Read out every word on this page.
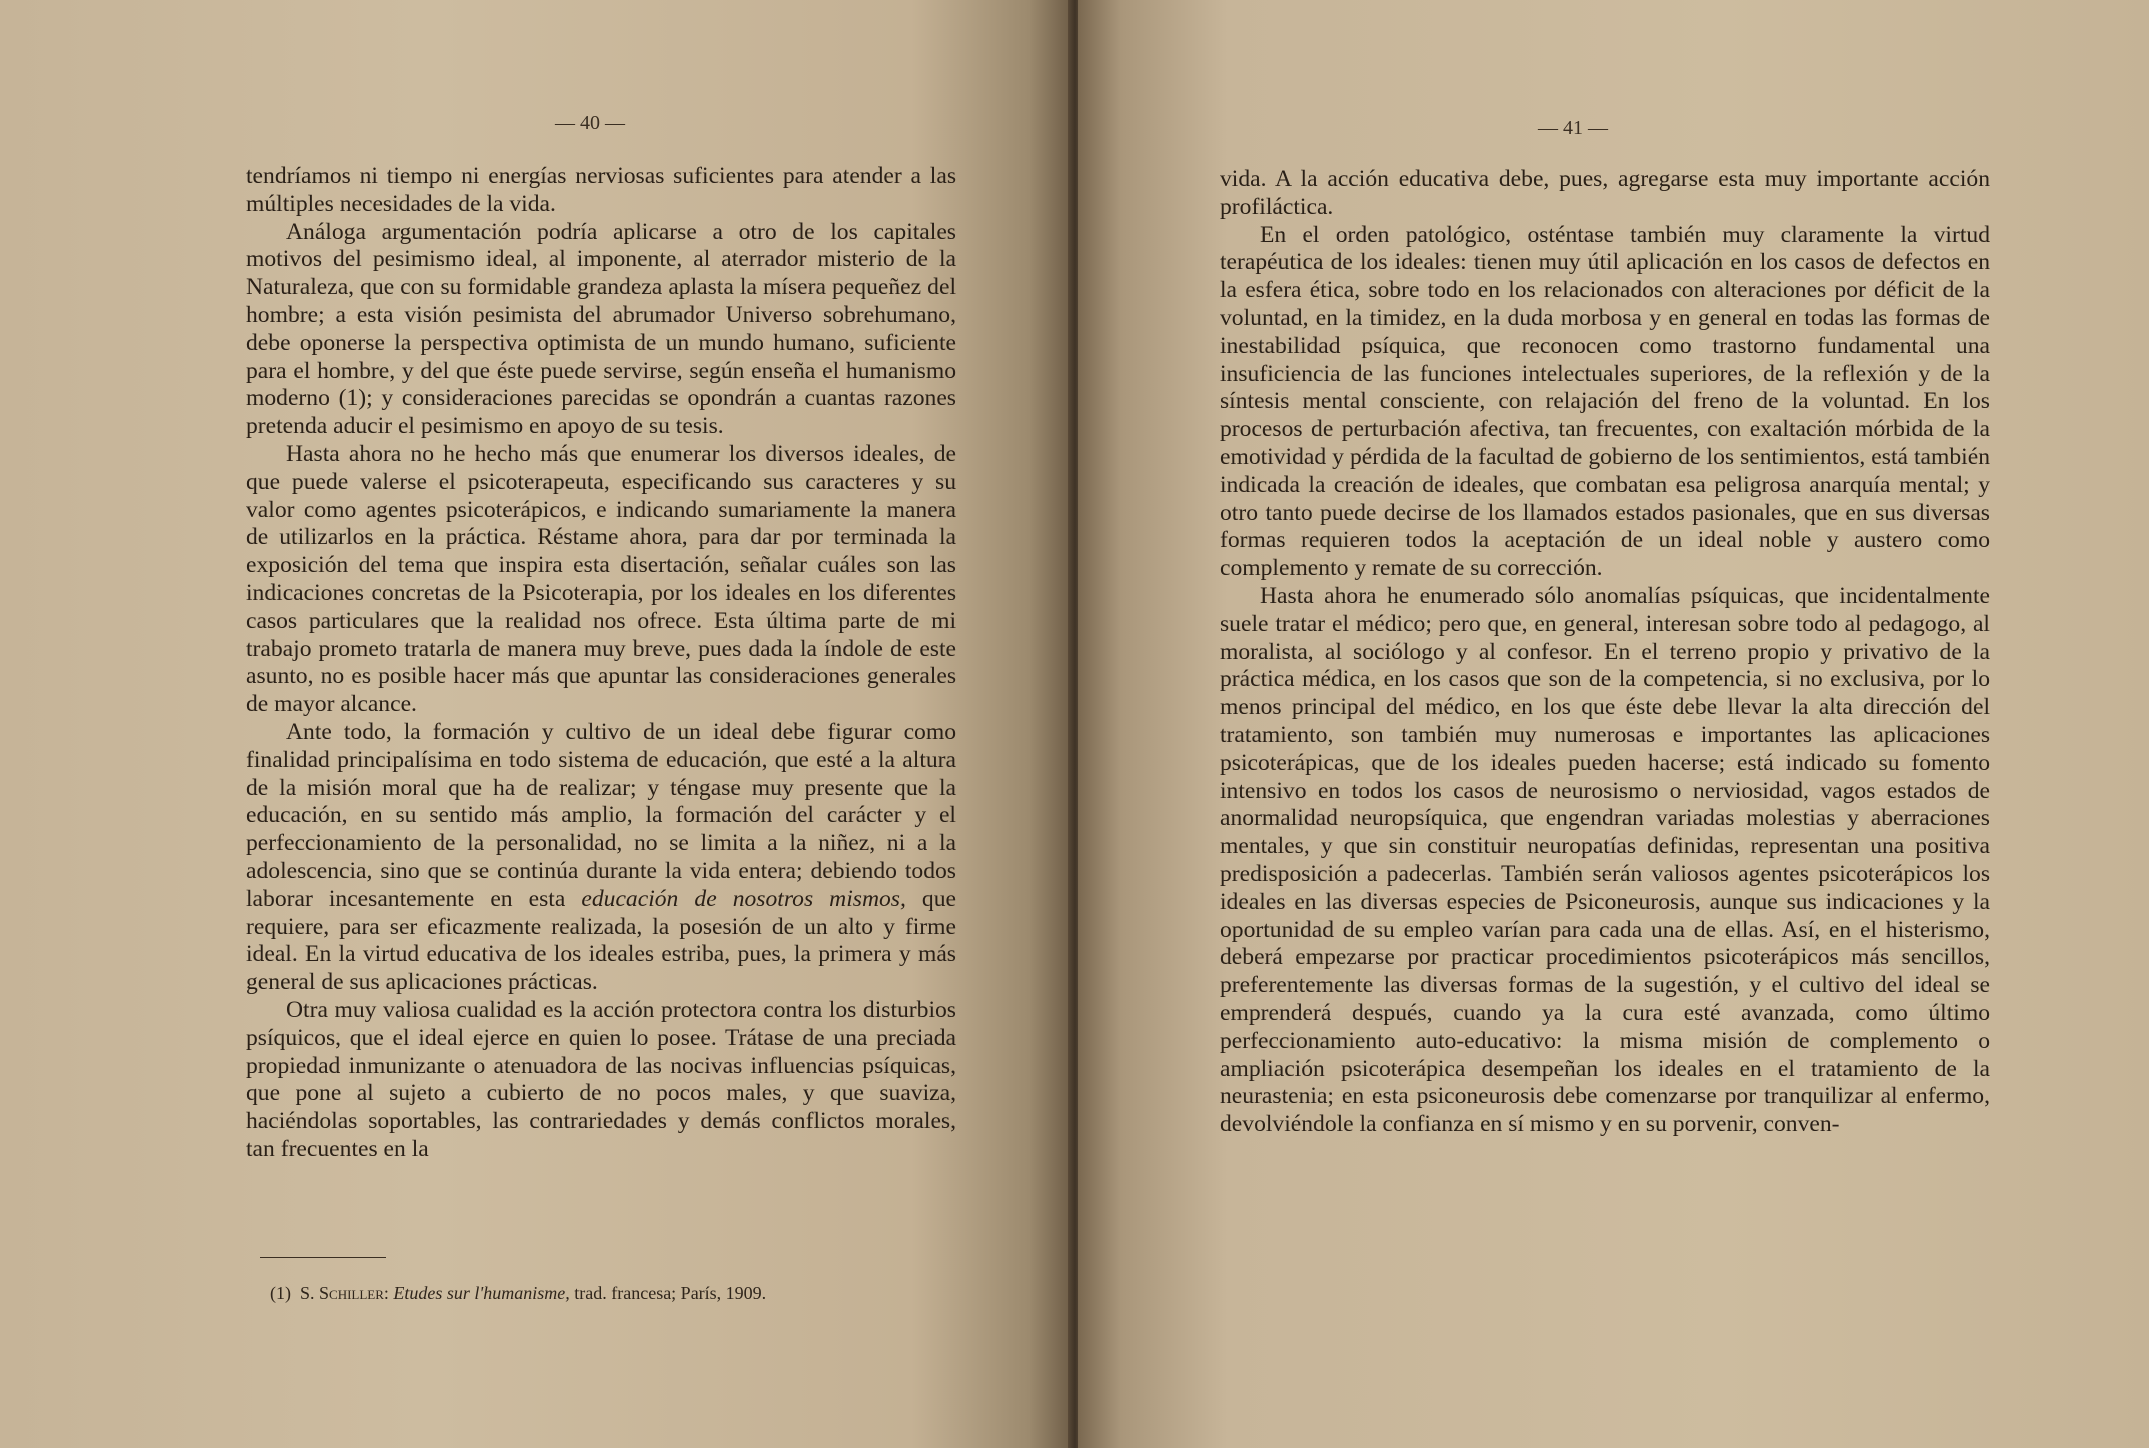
— 40 —

tendríamos ni tiempo ni energías nerviosas suficientes para atender a las múltiples necesidades de la vida.

Análoga argumentación podría aplicarse a otro de los capitales motivos del pesimismo ideal, al imponente, al aterrador misterio de la Naturaleza, que con su formidable grandeza aplasta la mísera pequeñez del hombre; a esta visión pesimista del abrumador Universo sobrehumano, debe oponerse la perspectiva optimista de un mundo humano, suficiente para el hombre, y del que éste puede servirse, según enseña el humanismo moderno (1); y consideraciones parecidas se opondrán a cuantas razones pretenda aducir el pesimismo en apoyo de su tesis.

Hasta ahora no he hecho más que enumerar los diversos ideales, de que puede valerse el psicoterapeuta, especificando sus caracteres y su valor como agentes psicoterápicos, e indicando sumariamente la manera de utilizarlos en la práctica. Réstame ahora, para dar por terminada la exposición del tema que inspira esta disertación, señalar cuáles son las indicaciones concretas de la Psicoterapia, por los ideales en los diferentes casos particulares que la realidad nos ofrece. Esta última parte de mi trabajo prometo tratarla de manera muy breve, pues dada la índole de este asunto, no es posible hacer más que apuntar las consideraciones generales de mayor alcance.

Ante todo, la formación y cultivo de un ideal debe figurar como finalidad principalísima en todo sistema de educación, que esté a la altura de la misión moral que ha de realizar; y téngase muy presente que la educación, en su sentido más amplio, la formación del carácter y el perfeccionamiento de la personalidad, no se limita a la niñez, ni a la adolescencia, sino que se continúa durante la vida entera; debiendo todos laborar incesantemente en esta educación de nosotros mismos, que requiere, para ser eficazmente realizada, la posesión de un alto y firme ideal. En la virtud educativa de los ideales estriba, pues, la primera y más general de sus aplicaciones prácticas.

Otra muy valiosa cualidad es la acción protectora contra los disturbios psíquicos, que el ideal ejerce en quien lo posee. Trátase de una preciada propiedad inmunizante o atenuadora de las nocivas influencias psíquicas, que pone al sujeto a cubierto de no pocos males, y que suaviza, haciéndolas soportables, las contrariedades y demás conflictos morales, tan frecuentes en la

(1) S. Schiller: Etudes sur l'humanisme, trad. francesa; París, 1909.
— 41 —

vida. A la acción educativa debe, pues, agregarse esta muy importante acción profiláctica.

En el orden patológico, osténtase también muy claramente la virtud terapéutica de los ideales: tienen muy útil aplicación en los casos de defectos en la esfera ética, sobre todo en los relacionados con alteraciones por déficit de la voluntad, en la timidez, en la duda morbosa y en general en todas las formas de inestabilidad psíquica, que reconocen como trastorno fundamental una insuficiencia de las funciones intelectuales superiores, de la reflexión y de la síntesis mental consciente, con relajación del freno de la voluntad. En los procesos de perturbación afectiva, tan frecuentes, con exaltación mórbida de la emotividad y pérdida de la facultad de gobierno de los sentimientos, está también indicada la creación de ideales, que combatan esa peligrosa anarquía mental; y otro tanto puede decirse de los llamados estados pasionales, que en sus diversas formas requieren todos la aceptación de un ideal noble y austero como complemento y remate de su corrección.

Hasta ahora he enumerado sólo anomalías psíquicas, que incidentalmente suele tratar el médico; pero que, en general, interesan sobre todo al pedagogo, al moralista, al sociólogo y al confesor. En el terreno propio y privativo de la práctica médica, en los casos que son de la competencia, si no exclusiva, por lo menos principal del médico, en los que éste debe llevar la alta dirección del tratamiento, son también muy numerosas e importantes las aplicaciones psicoterápicas, que de los ideales pueden hacerse; está indicado su fomento intensivo en todos los casos de neurosismo o nerviosidad, vagos estados de anormalidad neuropsíquica, que engendran variadas molestias y aberraciones mentales, y que sin constituir neuropatías definidas, representan una positiva predisposición a padecerlas. También serán valiosos agentes psicoterápicos los ideales en las diversas especies de Psiconeurosis, aunque sus indicaciones y la oportunidad de su empleo varían para cada una de ellas. Así, en el histerismo, deberá empezarse por practicar procedimientos psicoterápicos más sencillos, preferentemente las diversas formas de la sugestión, y el cultivo del ideal se emprenderá después, cuando ya la cura esté avanzada, como último perfeccionamiento auto-educativo: la misma misión de complemento o ampliación psicoterápica desempeñan los ideales en el tratamiento de la neurastenia; en esta psiconeurosis debe comenzarse por tranquilizar al enfermo, devolviéndole la confianza en sí mismo y en su porvenir, conven-
